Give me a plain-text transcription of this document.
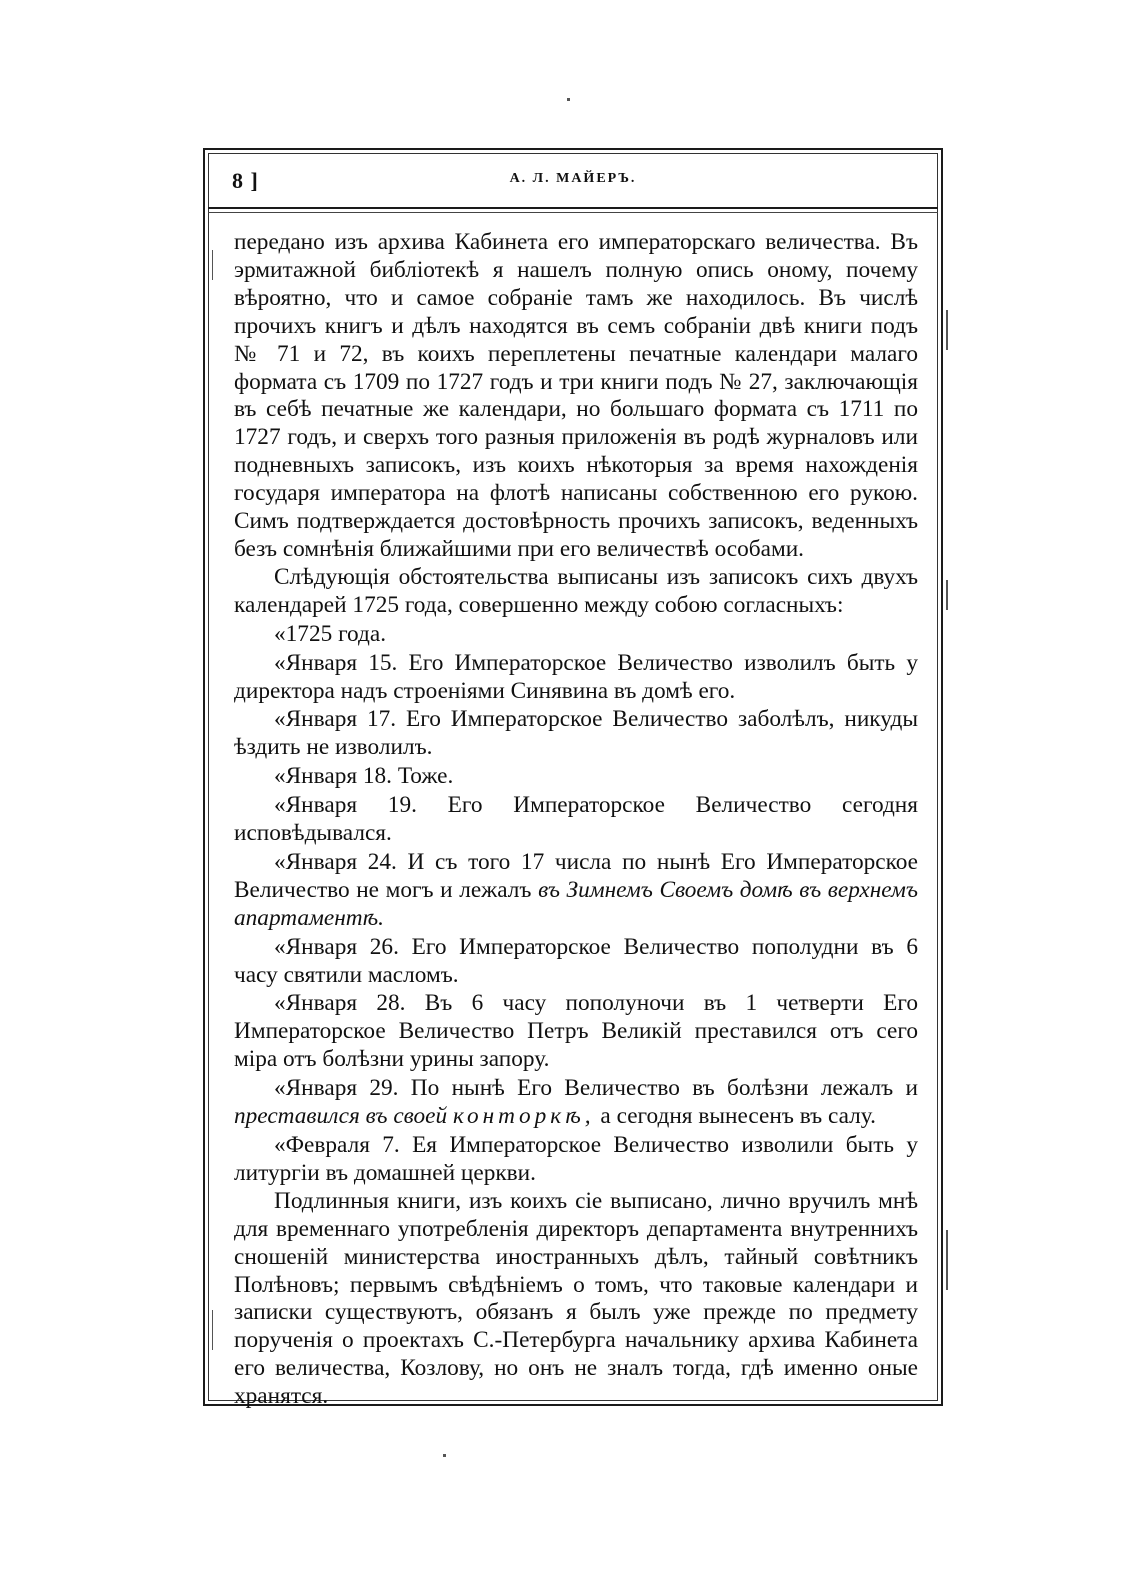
8 ]	А. Л. МАЙЕРЪ.

передано изъ архива Кабинета его императорскаго величества. Въ эрмитажной библіотекѣ я нашелъ полную опись оному, почему вѣроятно, что и самое собраніе тамъ же находилось. Въ числѣ прочихъ книгъ и дѣлъ находятся въ семъ собраніи двѣ книги подъ № 71 и 72, въ коихъ переплетены печатные календари малаго формата съ 1709 по 1727 годъ и три книги подъ № 27, заключающія въ себѣ печатные же календари, но большаго формата съ 1711 по 1727 годъ, и сверхъ того разныя приложенія въ родѣ журналовъ или подневныхъ записокъ, изъ коихъ нѣкоторыя за время нахожденія государя императора на флотѣ написаны собственною его рукою. Симъ подтверждается достовѣрность прочихъ записокъ, веденныхъ безъ сомнѣнія ближайшими при его величествѣ особами.

Слѣдующія обстоятельства выписаны изъ записокъ сихъ двухъ календарей 1725 года, совершенно между собою согласныхъ:

«1725 года.

«Января 15. Его Императорское Величество изволилъ быть у директора надъ строеніями Синявина въ домѣ его.

«Января 17. Его Императорское Величество заболѣлъ, никуды ѣздить не изволилъ.

«Января 18. Тоже.

«Января 19. Его Императорское Величество сегодня исповѣдывался.

«Января 24. И съ того 17 числа по нынѣ Его Императорское Величество не могъ и лежалъ въ Зимнемъ Своемъ домѣ въ верхнемъ апартаментѣ.

«Января 26. Его Императорское Величество пополудни въ 6 часу святили масломъ.

«Января 28. Въ 6 часу пополуночи въ 1 четверти Его Императорское Величество Петръ Великій преставился отъ сего міра отъ болѣзни урины запору.

«Января 29. По нынѣ Его Величество въ болѣзни лежалъ и преставился въ своей конторкѣ, а сегодня вынесенъ въ салу.

«Февраля 7. Ея Императорское Величество изволили быть у литургіи въ домашней церкви.

Подлинныя книги, изъ коихъ сіе выписано, лично вручилъ мнѣ для временнаго употребленія директоръ департамента внутреннихъ сношеній министерства иностранныхъ дѣлъ, тайный совѣтникъ Полѣновъ; первымъ свѣдѣніемъ о томъ, что таковые календари и записки существуютъ, обязанъ я былъ уже прежде по предмету порученія о проектахъ С.-Петербурга начальнику архива Кабинета его величества, Козлову, но онъ не зналъ тогда, гдѣ именно оные хранятся.
